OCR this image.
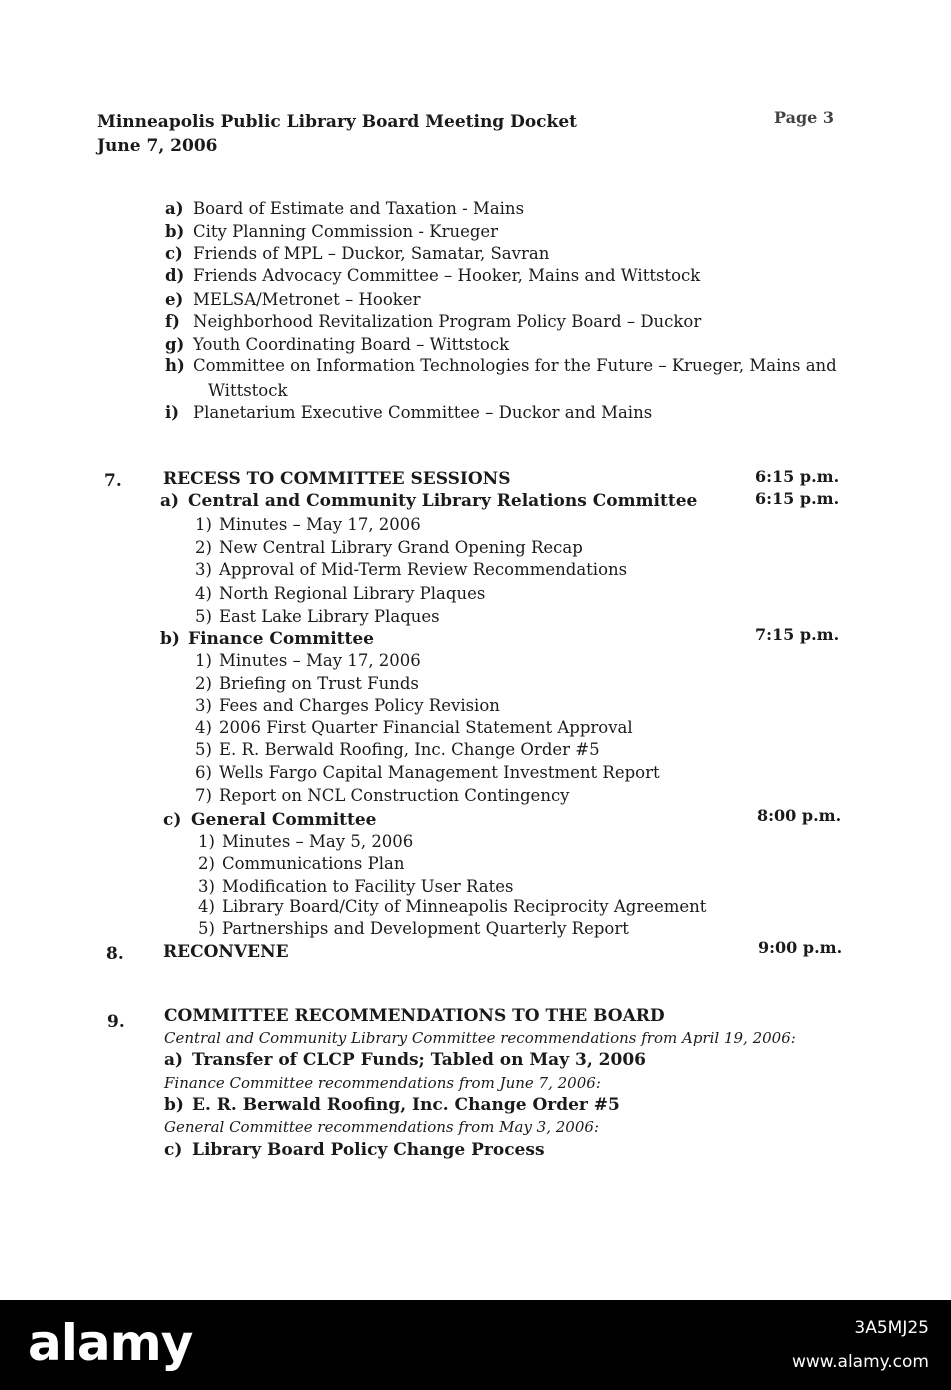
Minneapolis Public Library Board Meeting Docket
June 7, 2006
Page 3
a) Board of Estimate and Taxation - Mains
b) City Planning Commission - Krueger
c) Friends of MPL – Duckor, Samatar, Savran
d) Friends Advocacy Committee – Hooker, Mains and Wittstock
e) MELSA/Metronet – Hooker
f) Neighborhood Revitalization Program Policy Board – Duckor
g) Youth Coordinating Board – Wittstock
h) Committee on Information Technologies for the Future – Krueger, Mains and
Wittstock
i) Planetarium Executive Committee – Duckor and Mains
7. RECESS TO COMMITTEE SESSIONS	6:15 p.m.
a) Central and Community Library Relations Committee	6:15 p.m.
1) Minutes – May 17, 2006
2) New Central Library Grand Opening Recap
3) Approval of Mid-Term Review Recommendations
4) North Regional Library Plaques
5) East Lake Library Plaques
b) Finance Committee	7:15 p.m.
1) Minutes – May 17, 2006
2) Briefing on Trust Funds
3) Fees and Charges Policy Revision
4) 2006 First Quarter Financial Statement Approval
5) E. R. Berwald Roofing, Inc. Change Order #5
6) Wells Fargo Capital Management Investment Report
7) Report on NCL Construction Contingency
c) General Committee	8:00 p.m.
1) Minutes – May 5, 2006
2) Communications Plan
3) Modification to Facility User Rates
4) Library Board/City of Minneapolis Reciprocity Agreement
5) Partnerships and Development Quarterly Report
8. RECONVENE	9:00 p.m.
9. COMMITTEE RECOMMENDATIONS TO THE BOARD
Central and Community Library Committee recommendations from April 19, 2006:
a) Transfer of CLCP Funds; Tabled on May 3, 2006
Finance Committee recommendations from June 7, 2006:
b) E. R. Berwald Roofing, Inc. Change Order #5
General Committee recommendations from May 3, 2006:
c) Library Board Policy Change Process
alamy	3A5MJ25
www.alamy.com
